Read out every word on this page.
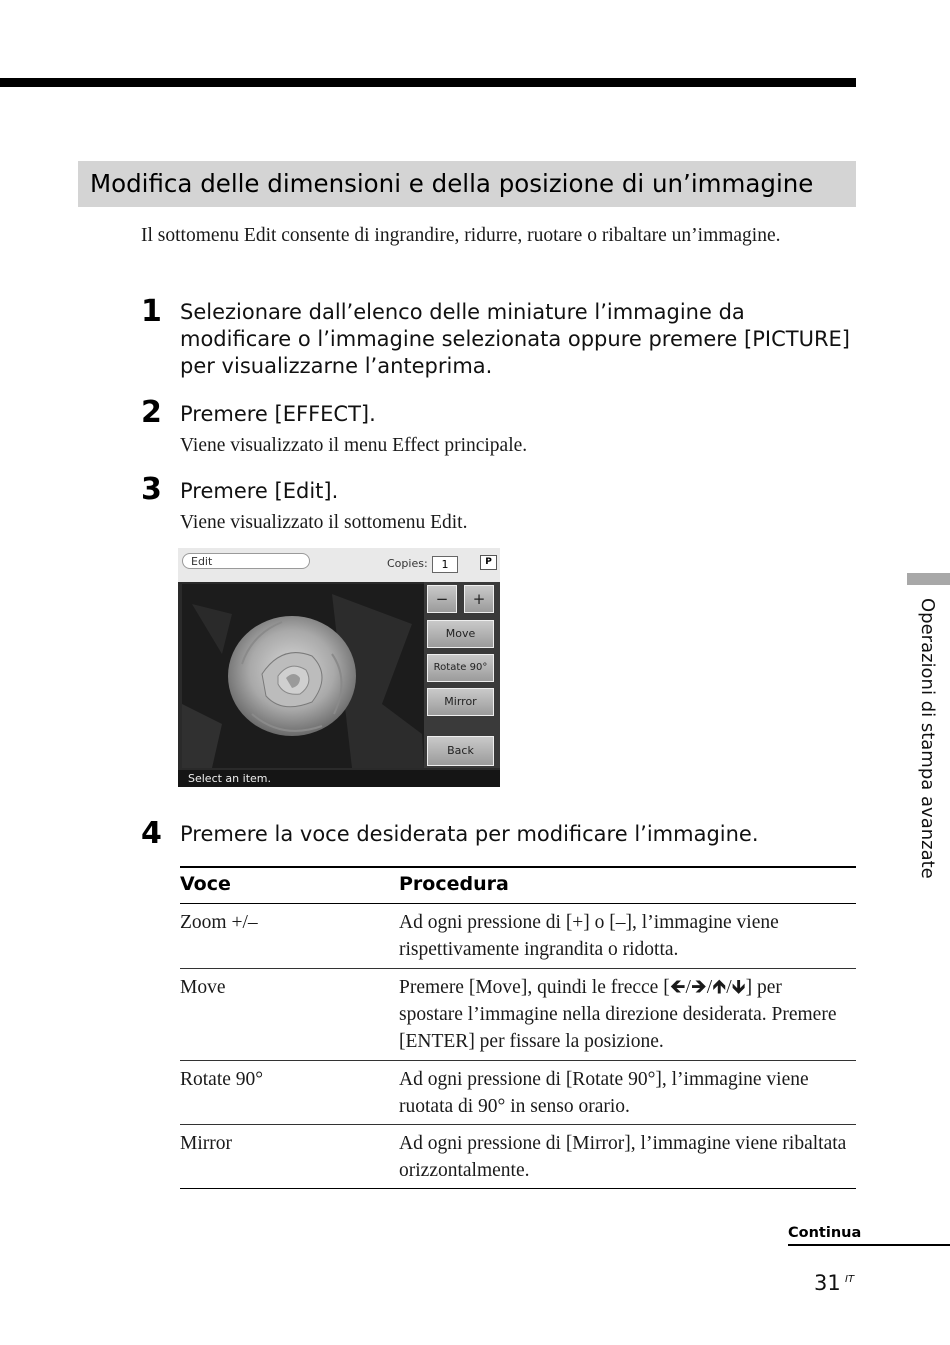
Modifica delle dimensioni e della posizione di un’immagine
Il sottomenu Edit consente di ingrandire, ridurre, ruotare o ribaltare un’immagine.
1 Selezionare dall’elenco delle miniature l’immagine da
modificare o l’immagine selezionata oppure premere [PICTURE]
per visualizzarne l’anteprima.
2 Premere [EFFECT].
Viene visualizzato il menu Effect principale.
3 Premere [Edit].
Viene visualizzato il sottomenu Edit.
Edit	Copies:	1	P
−	+
Move
Rotate 90°
Mirror
Back
Select an item.
4 Premere la voce desiderata per modificare l’immagine.
Voce	Procedura
Zoom +/–	Ad ogni pressione di [+] o [–], l’immagine viene rispettivamente ingrandita o ridotta.
Move	Premere [Move], quindi le frecce [🡸/🡺/🡹/🡻] per spostare l’immagine nella direzione desiderata. Premere [ENTER] per fissare la posizione.
Rotate 90°	Ad ogni pressione di [Rotate 90°], l’immagine viene ruotata di 90° in senso orario.
Mirror	Ad ogni pressione di [Mirror], l’immagine viene ribaltata orizzontalmente.
Operazioni di stampa avanzate
Continua
31 IT
